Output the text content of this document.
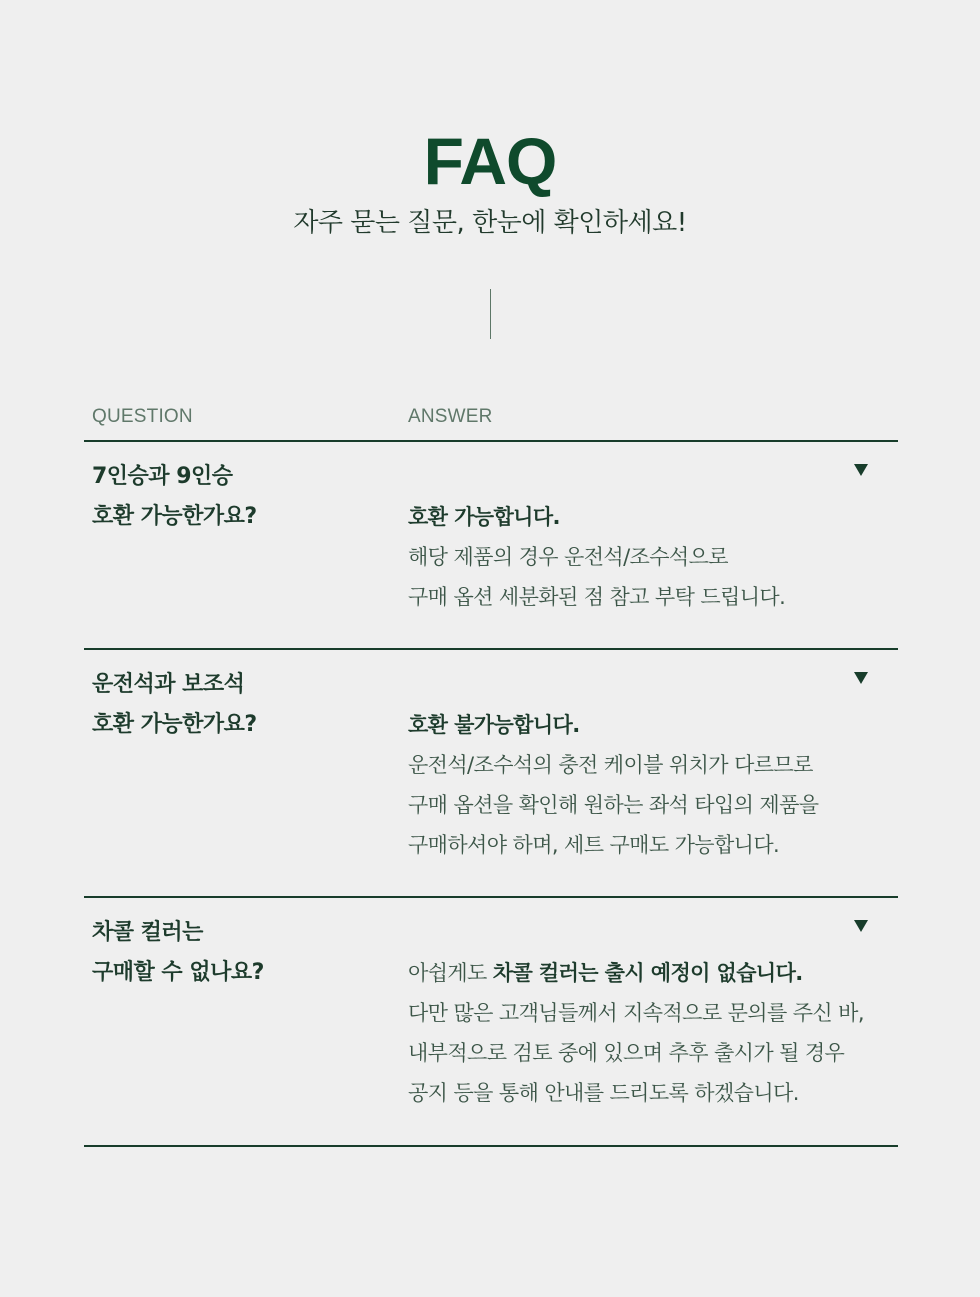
FAQ
자주 묻는 질문, 한눈에 확인하세요!
QUESTION	ANSWER
7인승과 9인승
호환 가능한가요?	호환 가능합니다.
해당 제품의 경우 운전석/조수석으로
구매 옵션 세분화된 점 참고 부탁 드립니다.
운전석과 보조석
호환 가능한가요?	호환 불가능합니다.
운전석/조수석의 충전 케이블 위치가 다르므로
구매 옵션을 확인해 원하는 좌석 타입의 제품을
구매하셔야 하며, 세트 구매도 가능합니다.
차콜 컬러는
구매할 수 없나요?	아쉽게도 차콜 컬러는 출시 예정이 없습니다.
다만 많은 고객님들께서 지속적으로 문의를 주신 바,
내부적으로 검토 중에 있으며 추후 출시가 될 경우
공지 등을 통해 안내를 드리도록 하겠습니다.
